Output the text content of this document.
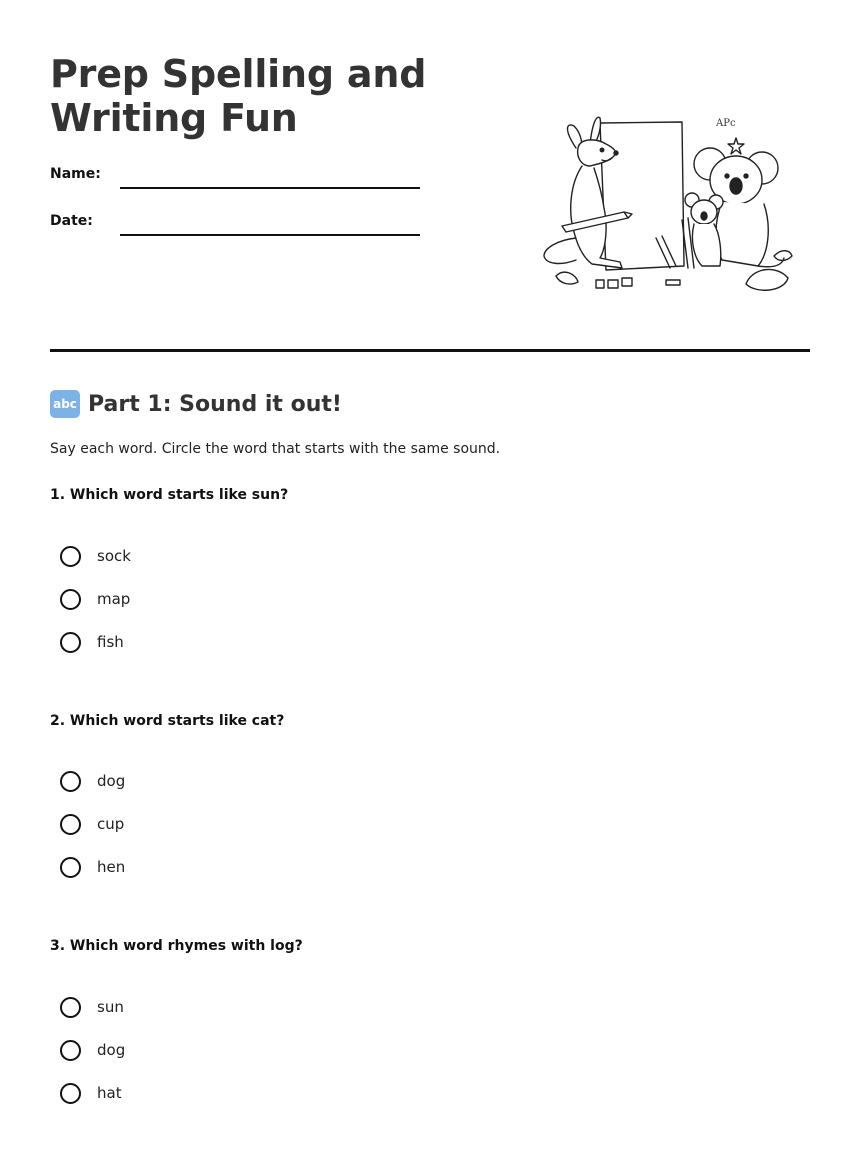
Prep Spelling and Writing Fun
Name:
Date:
APc
abc Part 1: Sound it out!
Say each word. Circle the word that starts with the same sound.
1. Which word starts like sun?
sock
map
fish
2. Which word starts like cat?
dog
cup
hen
3. Which word rhymes with log?
sun
dog
hat
